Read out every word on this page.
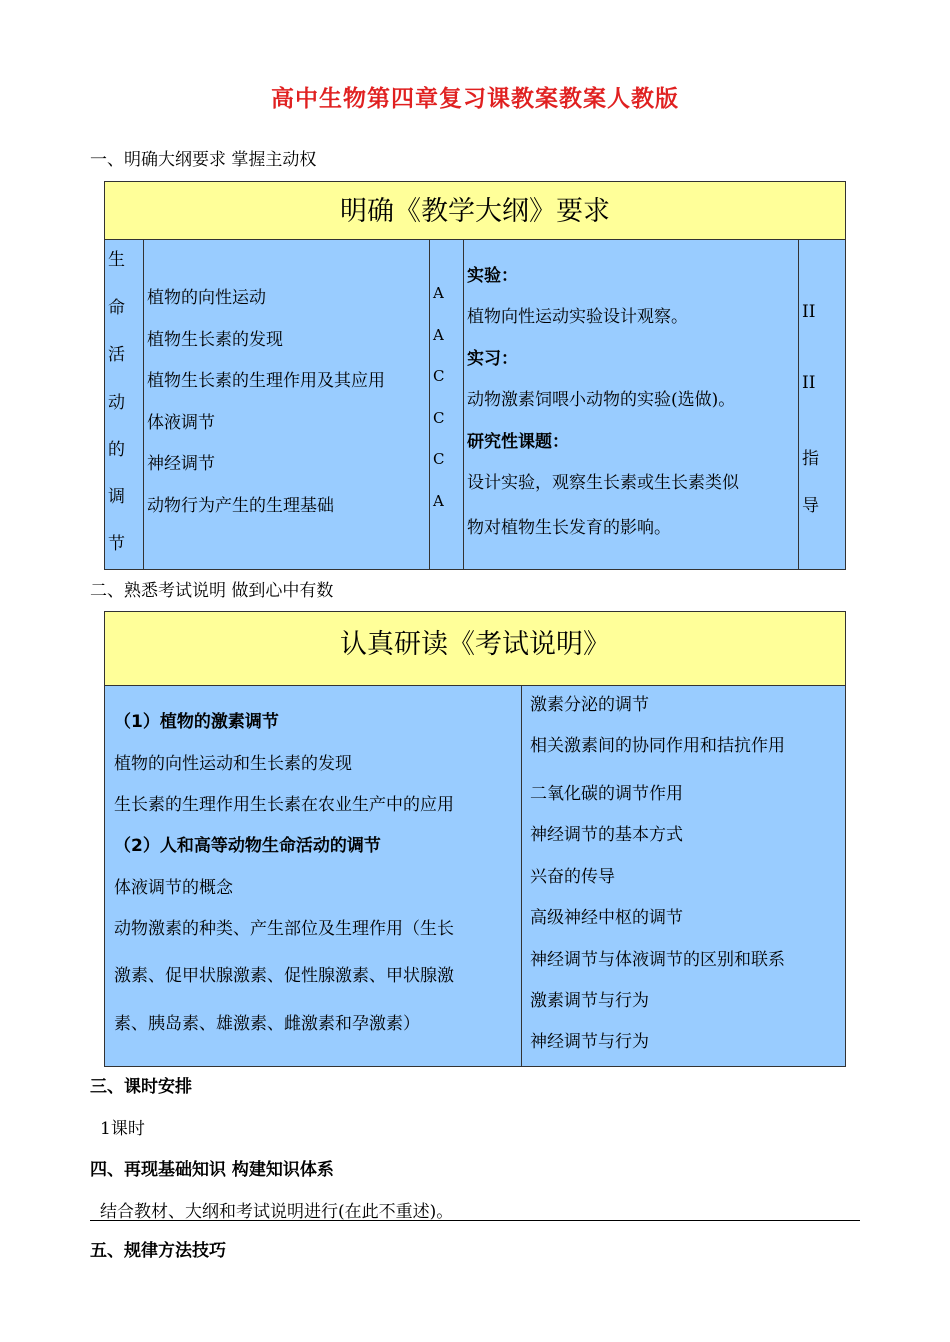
高中生物第四章复习课教案教案人教版
一、明确大纲要求 掌握主动权
明确《教学大纲》要求
生
命
活
动
的
调
节
植物的向性运动
植物生长素的发现
植物生长素的生理作用及其应用
体液调节
神经调节
动物行为产生的生理基础
A
A
C
C
C
A
实验：
植物向性运动实验设计观察。
实习：
动物激素饲喂小动物的实验(选做)。
研究性课题：
设计实验，观察生长素或生长素类似
物对植物生长发育的影响。
II
II
指
导
二、熟悉考试说明 做到心中有数
认真研读《考试说明》
（1）植物的激素调节
植物的向性运动和生长素的发现
生长素的生理作用生长素在农业生产中的应用
（2）人和高等动物生命活动的调节
体液调节的概念
动物激素的种类、产生部位及生理作用（生长
激素、促甲状腺激素、促性腺激素、甲状腺激
素、胰岛素、雄激素、雌激素和孕激素）
激素分泌的调节
相关激素间的协同作用和拮抗作用
二氧化碳的调节作用
神经调节的基本方式
兴奋的传导
高级神经中枢的调节
神经调节与体液调节的区别和联系
激素调节与行为
神经调节与行为
三、课时安排
1课时
四、再现基础知识 构建知识体系
结合教材、大纲和考试说明进行(在此不重述)。
五、规律方法技巧
